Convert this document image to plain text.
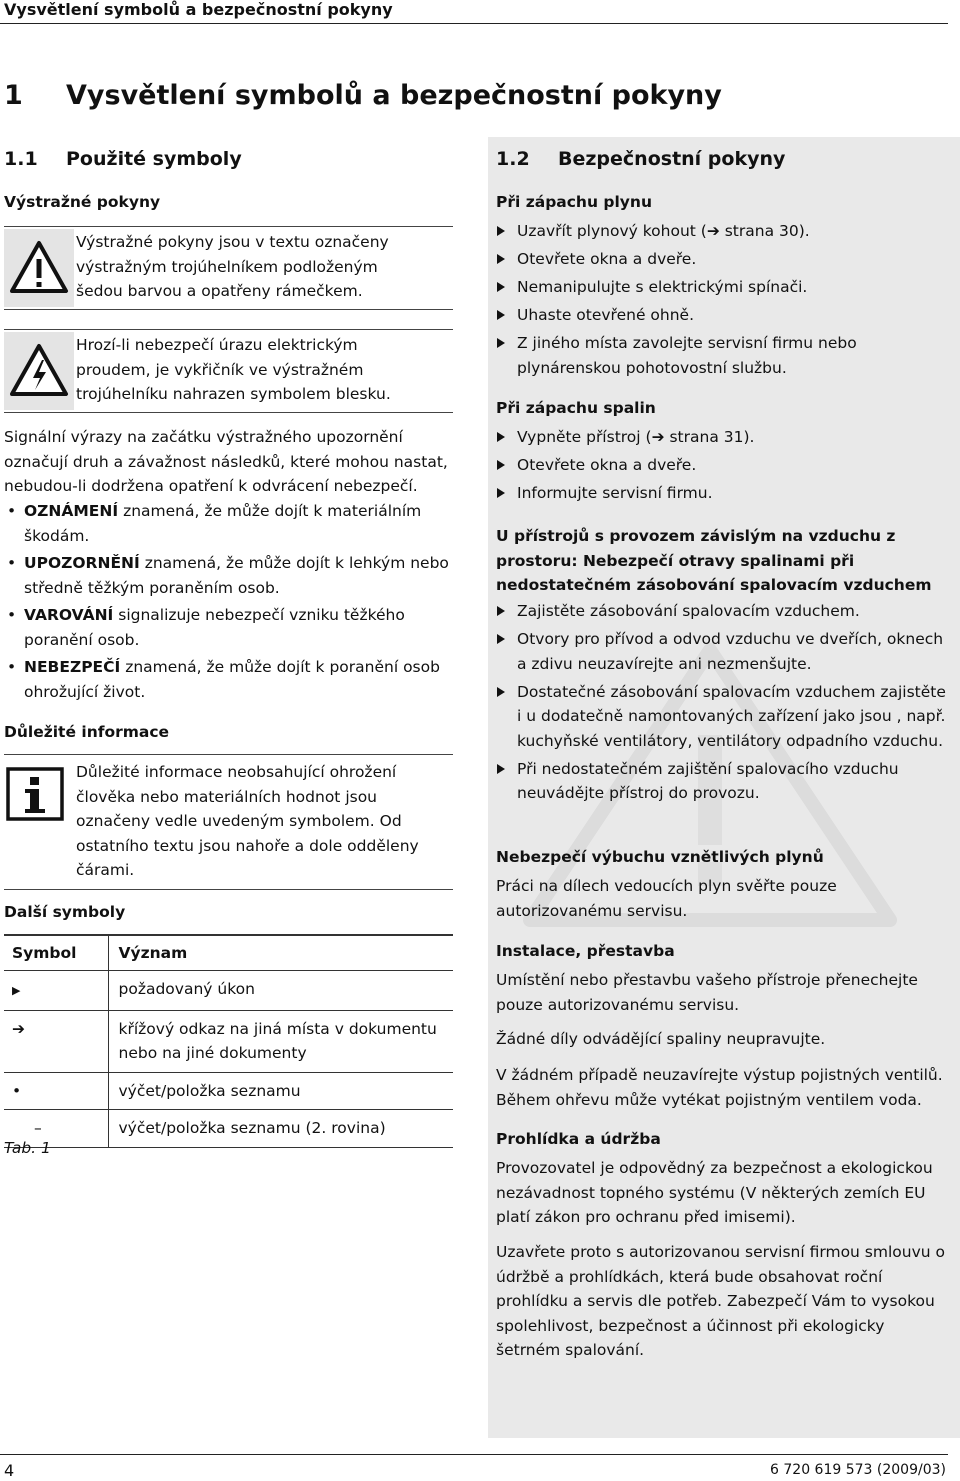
Vysvětlení symbolů a bezpečnostní pokyny
1 Vysvětlení symbolů a bezpečnostní pokyny
1.1 Použité symboly
Výstražné pokyny
Výstražné pokyny jsou v textu označeny
výstražným trojúhelníkem podloženým
šedou barvou a opatřeny rámečkem.
Hrozí-li nebezpečí úrazu elektrickým
proudem, je vykřičník ve výstražném
trojúhelníku nahrazen symbolem blesku.
Signální výrazy na začátku výstražného upozornění
označují druh a závažnost následků, které mohou nastat,
nebudou-li dodržena opatření k odvrácení nebezpečí.
• OZNÁMENÍ znamená, že může dojít k materiálním
škodám.
• UPOZORNĚNÍ znamená, že může dojít k lehkým nebo
středně těžkým poraněním osob.
• VAROVÁNÍ signalizuje nebezpečí vzniku těžkého
poranění osob.
• NEBEZPEČÍ znamená, že může dojít k poranění osob
ohrožující život.
Důležité informace
Důležité informace neobsahující ohrožení
člověka nebo materiálních hodnot jsou
označeny vedle uvedeným symbolem. Od
ostatního textu jsou nahoře a dole odděleny
čárami.
Další symboly
Symbol	Význam
▶	požadovaný úkon
➔	křížový odkaz na jiná místa v dokumentu nebo na jiné dokumenty
•	výčet/položka seznamu
–	výčet/položka seznamu (2. rovina)
Tab. 1
1.2 Bezpečnostní pokyny
Při zápachu plynu
Uzavřít plynový kohout (➔ strana 30).
Otevřete okna a dveře.
Nemanipulujte s elektrickými spínači.
Uhaste otevřené ohně.
Z jiného místa zavolejte servisní firmu nebo plynárenskou pohotovostní službu.
Při zápachu spalin
Vypněte přístroj (➔ strana 31).
Otevřete okna a dveře.
Informujte servisní firmu.
U přístrojů s provozem závislým na vzduchu z prostoru: Nebezpečí otravy spalinami při nedostatečném zásobování spalovacím vzduchem
Zajistěte zásobování spalovacím vzduchem.
Otvory pro přívod a odvod vzduchu ve dveřích, oknech a zdivu neuzavírejte ani nezmenšujte.
Dostatečné zásobování spalovacím vzduchem zajistěte i u dodatečně namontovaných zařízení jako jsou , např. kuchyňské ventilátory, ventilátory odpadního vzduchu.
Při nedostatečném zajištění spalovacího vzduchu neuvádějte přístroj do provozu.
Nebezpečí výbuchu vznětlivých plynů
Práci na dílech vedoucích plyn svěřte pouze autorizovanému servisu.
Instalace, přestavba
Umístění nebo přestavbu vašeho přístroje přenechejte pouze autorizovanému servisu.
Žádné díly odvádějící spaliny neupravujte.
V žádném případě neuzavírejte výstup pojistných ventilů. Během ohřevu může vytékat pojistným ventilem voda.
Prohlídka a údržba
Provozovatel je odpovědný za bezpečnost a ekologickou nezávadnost topného systému (V některých zemích EU platí zákon pro ochranu před imisemi).
Uzavřete proto s autorizovanou servisní firmou smlouvu o údržbě a prohlídkách, která bude obsahovat roční prohlídku a servis dle potřeb. Zabezpečí Vám to vysokou spolehlivost, bezpečnost a účinnost při ekologicky šetrném spalování.
4	6 720 619 573 (2009/03)
